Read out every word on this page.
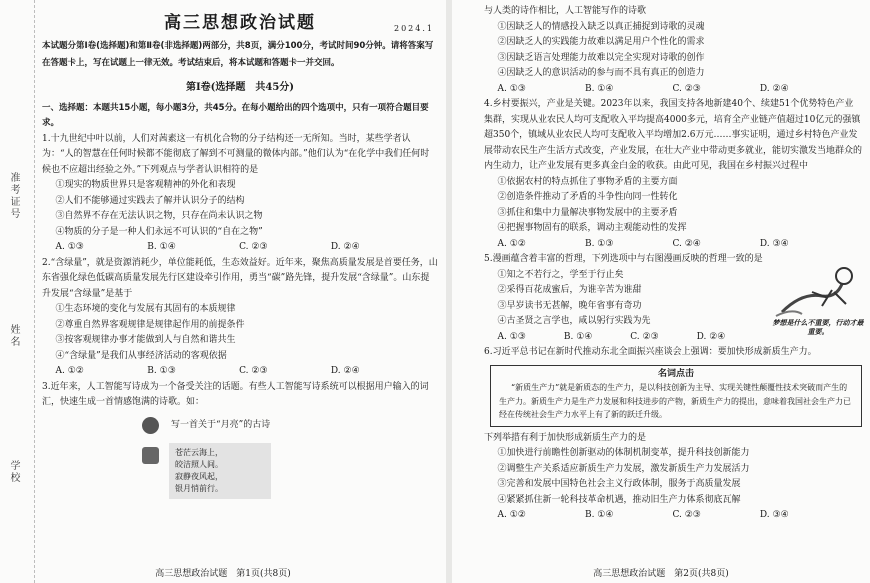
准考证号
姓名
学校
高三思想政治试题	2024.1

本试题分第Ⅰ卷(选择题)和第Ⅱ卷(非选择题)两部分，共8页，满分100分，考试时间90分钟。请将答案写在答题卡上，写在试题上一律无效。考试结束后，将本试题和答题卡一并交回。

第Ⅰ卷(选择题　共45分)

一、选择题：本题共15小题，每小题3分，共45分。在每小题给出的四个选项中，只有一项符合题目要求。

1.十九世纪中叶以前，人们对茜素这一有机化合物的分子结构还一无所知。当时，某些学者认为：“人的智慧在任何时候都不能彻底了解到不可测量的微体内部。”他们认为“在化学中我们任何时候也不应超出经验之外。”下列观点与学者认识相符的是

①现实的物质世界只是客观精神的外化和表现

②人们不能够通过实践去了解并认识分子的结构

③自然界不存在无法认识之物，只存在尚未认识之物

④物质的分子是一种人们永远不可认识的“自在之物”

A. ①③	B. ①④	C. ②③	D. ②④

2.“含绿量”，就是资源消耗少，单位能耗低，生态效益好。近年来，聚焦高质量发展是首要任务，山东省强化绿色低碳高质量发展先行区建设牵引作用，勇当“碳”路先锋，提升发展“含绿量”。山东提升发展“含绿量”是基于

①生态环境的变化与发展有其固有的本质规律

②尊重自然界客观规律是规律起作用的前提条件

③按客观规律办事才能做到人与自然和谐共生

④“含绿量”是我们从事经济活动的客观依据

A. ①②	B. ①③	C. ②③	D. ②④

3.近年来，人工智能写诗成为一个备受关注的话题。有些人工智能写诗系统可以根据用户输入的词汇，快速生成一首情感饱满的诗歌。如：

写一首关于“月亮”的古诗
苍茫云海上，
皎洁照人间。
寂静夜风起，
银月悄前行。
高三思想政治试题　第1页(共8页)

与人类的诗作相比，人工智能写作的诗歌

①因缺乏人的情感投入缺乏以真正捕捉到诗歌的灵魂

②因缺乏人的实践能力故难以满足用户个性化的需求

③因缺乏语言处理能力故难以完全实现对诗歌的创作

④因缺乏人的意识活动的参与而不具有真正的创造力

A. ①③	B. ①④	C. ②③	D. ②④

4.乡村要振兴，产业是关键。2023年以来，我国支持各地新建40个、续建51个优势特色产业集群，实现从业农民人均可支配收入平均提高4000多元，培育全产业链产值超过10亿元的强镇超350个，镇域从业农民人均可支配收入平均增加2.6万元……事实证明，通过乡村特色产业发展带动农民生产生活方式改变，产业发展，在壮大产业中带动更多就业，能切实激发当地群众的内生动力，让产业发展有更多真金白金的收获。由此可见，我国在乡村振兴过程中

①依据农村的特点抓住了事物矛盾的主要方面

②创造条件推动了矛盾的斗争性向同一性转化

③抓住和集中力量解决事物发展中的主要矛盾

④把握事物固有的联系，调动主观能动性的发挥

A. ①②	B. ①③	C. ②④	D. ③④

5.漫画蕴含着丰富的哲理，下列选项中与右图漫画反映的哲理一致的是

①知之不若行之，学至于行止矣

②采得百花成蜜后，为谁辛苦为谁甜

③早岁读书无甚解，晚年省事有奇功

④古圣贤之言学也，咸以躬行实践为先

A. ①③	B. ①④	C. ②③	D. ②④

6.习近平总书记在新时代推动东北全面振兴座谈会上强调：要加快形成新质生产力。

名词点击

“新质生产力”就是新质态的生产力，是以科技创新为主导、实现关键性颠覆性技术突破而产生的生产力。新质生产力是生产力发展和科技进步的产物，新质生产力的提出，意味着我国社会生产力已经在传统社会生产力水平上有了新的跃迁升级。

下列举措有利于加快形成新质生产力的是

①加快进行前瞻性创新驱动的体制机制变革，提升科技创新能力

②调整生产关系适应新质生产力发展，激发新质生产力发展活力

③完善和发展中国特色社会主义行政体制，服务于高质量发展

④紧紧抓住新一轮科技革命机遇，推动旧生产力体系彻底瓦解

A. ①②	B. ①④	C. ②③	D. ③④
梦想是什么不重要，行动才最重要。
高三思想政治试题　第2页(共8页)
